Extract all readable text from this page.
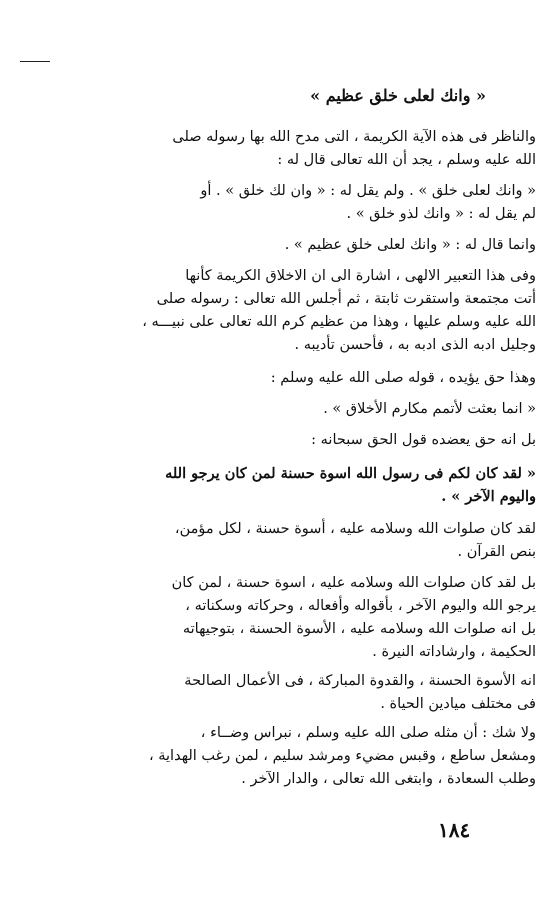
« وانك لعلى خلق عظيم »
والناظر فى هذه الآية الكريمة ، التى مدح الله بها رسوله صلى
الله عليه وسلم ، يجد أن الله تعالى قال له :
« وانك لعلى خلق » . ولم يقل له : « وان لك خلق » . أو
لم يقل له : « وانك لذو خلق » .
وانما قال له : « وانك لعلى خلق عظيم » .
وفى هذا التعبير الالهى ، اشارة الى ان الاخلاق الكريمة كأنها
أتت مجتمعة واستقرت ثابتة ، ثم أجلس الله تعالى : رسوله صلى
الله عليه وسلم عليها ، وهذا من عظيم كرم الله تعالى على نبيـــه ،
وجليل ادبه الذى ادبه به ، فأحسن تأديبه .
وهذا حق يؤيده ، قوله صلى الله عليه وسلم :
« انما بعثت لأتمم مكارم الأخلاق » .
بل انه حق يعضده قول الحق سبحانه :
« لقد كان لكم فى رسول الله اسوة حسنة لمن كان يرجو الله
واليوم الآخر » .
لقد كان صلوات الله وسلامه عليه ، أسوة حسنة ، لكل مؤمن،
بنص القرآن .
بل لقد كان صلوات الله وسلامه عليه ، اسوة حسنة ، لمن كان
يرجو الله واليوم الآخر ، بأقواله وأفعاله ، وحركاته وسكناته ،
بل انه صلوات الله وسلامه عليه ، الأسوة الحسنة ، بتوجيهاته
الحكيمة ، وارشاداته النيرة .
انه الأسوة الحسنة ، والقدوة المباركة ، فى الأعمال الصالحة
فى مختلف ميادين الحياة .
ولا شك : أن مثله صلى الله عليه وسلم ، نبراس وضــاء ،
ومشعل ساطع ، وقبس مضيء ومرشد سليم ، لمن رغب الهداية ،
وطلب السعادة ، وابتغى الله تعالى ، والدار الآخر .
١٨٤
